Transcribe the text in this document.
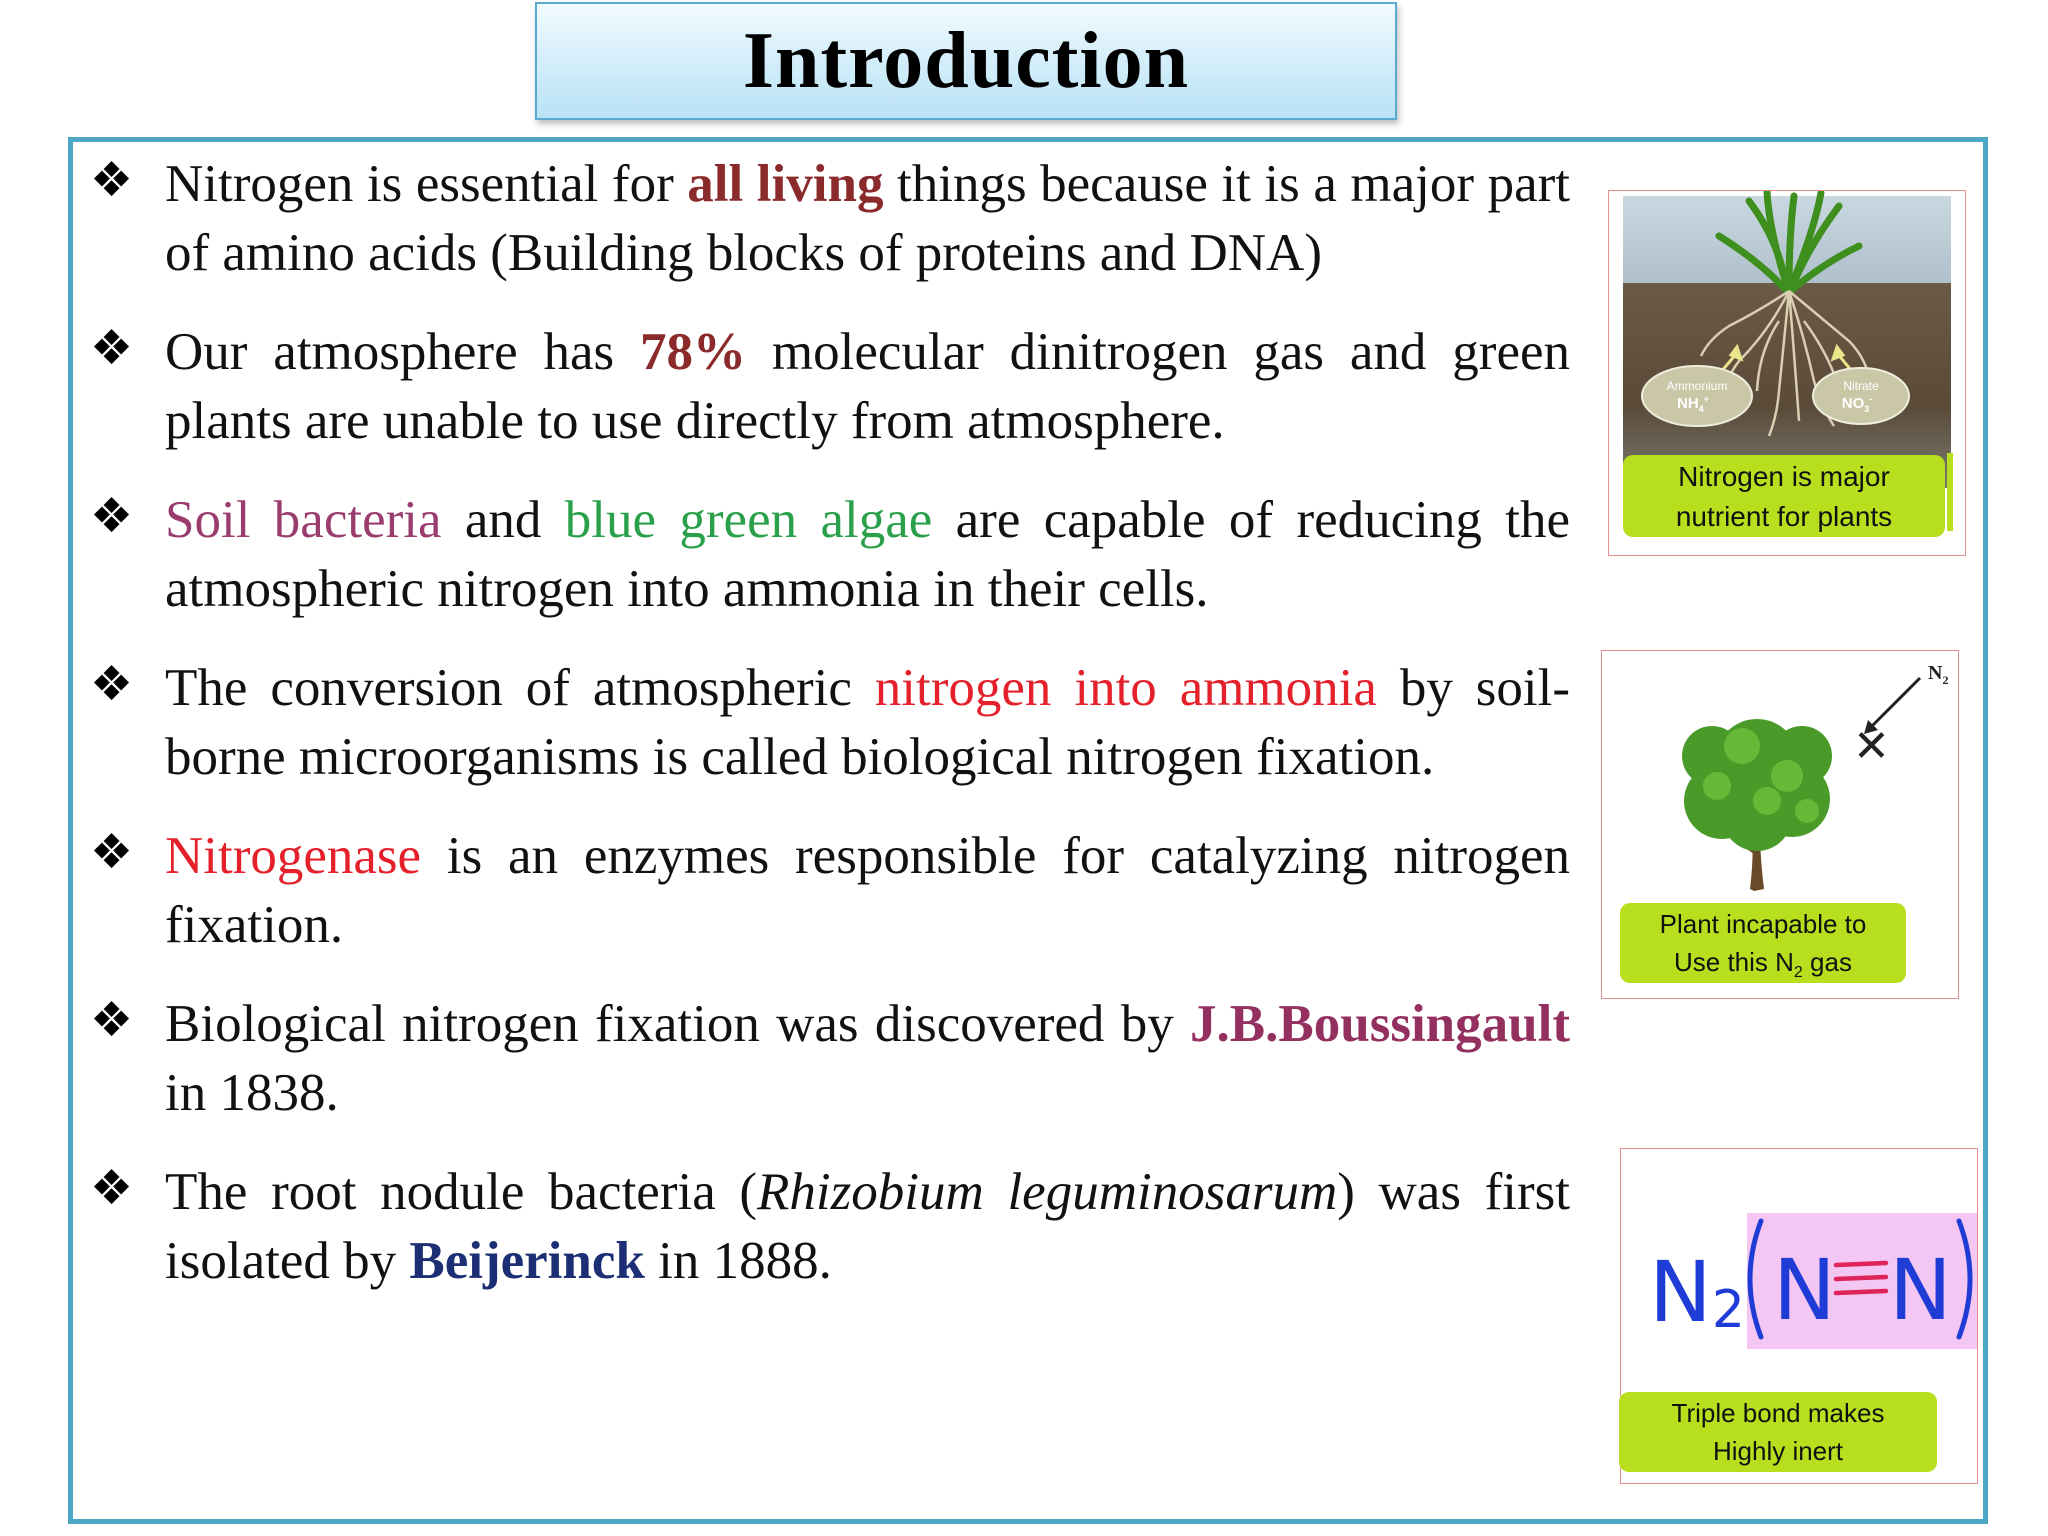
Introduction
❖ Nitrogen is essential for all living things because it is a major part of amino acids (Building blocks of proteins and DNA)
❖ Our atmosphere has 78% molecular dinitrogen gas and green plants are unable to use directly from atmosphere.
❖ Soil bacteria and blue green algae are capable of reducing the atmospheric nitrogen into ammonia in their cells.
❖ The conversion of atmospheric nitrogen into ammonia by soil-borne microorganisms is called biological nitrogen fixation.
❖ Nitrogenase is an enzymes responsible for catalyzing nitrogen fixation.
❖ Biological nitrogen fixation was discovered by J.B.Boussingault in 1838.
❖ The root nodule bacteria (Rhizobium leguminosarum) was first isolated by Beijerinck in 1888.
Ammonium
$NH_4^+$
Nitrate
$NO_3^-$
Nitrogen is major
nutrient for plants
✕
$N_2$
Plant incapable to
Use this $N_2$ gas
N2 N N
Triple bond makes
Highly inert
